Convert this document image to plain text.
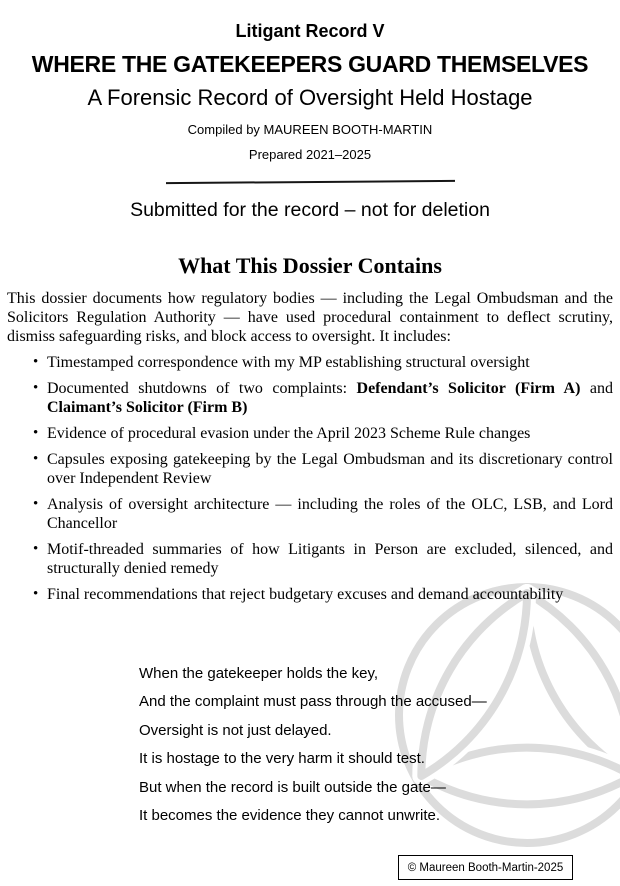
Litigant Record V
WHERE THE GATEKEEPERS GUARD THEMSELVES
A Forensic Record of Oversight Held Hostage
Compiled by MAUREEN BOOTH-MARTIN
Prepared 2021–2025
Submitted for the record – not for deletion
What This Dossier Contains

This dossier documents how regulatory bodies — including the Legal Ombudsman and the Solicitors Regulation Authority — have used procedural containment to deflect scrutiny, dismiss safeguarding risks, and block access to oversight. It includes:

• Timestamped correspondence with my MP establishing structural oversight
• Documented shutdowns of two complaints: Defendant’s Solicitor (Firm A) and Claimant’s Solicitor (Firm B)
• Evidence of procedural evasion under the April 2023 Scheme Rule changes
• Capsules exposing gatekeeping by the Legal Ombudsman and its discretionary control over Independent Review
• Analysis of oversight architecture — including the roles of the OLC, LSB, and Lord Chancellor
• Motif-threaded summaries of how Litigants in Person are excluded, silenced, and structurally denied remedy
• Final recommendations that reject budgetary excuses and demand accountability
When the gatekeeper holds the key,
And the complaint must pass through the accused—
Oversight is not just delayed.
It is hostage to the very harm it should test.
But when the record is built outside the gate—
It becomes the evidence they cannot unwrite.
© Maureen Booth-Martin-2025
